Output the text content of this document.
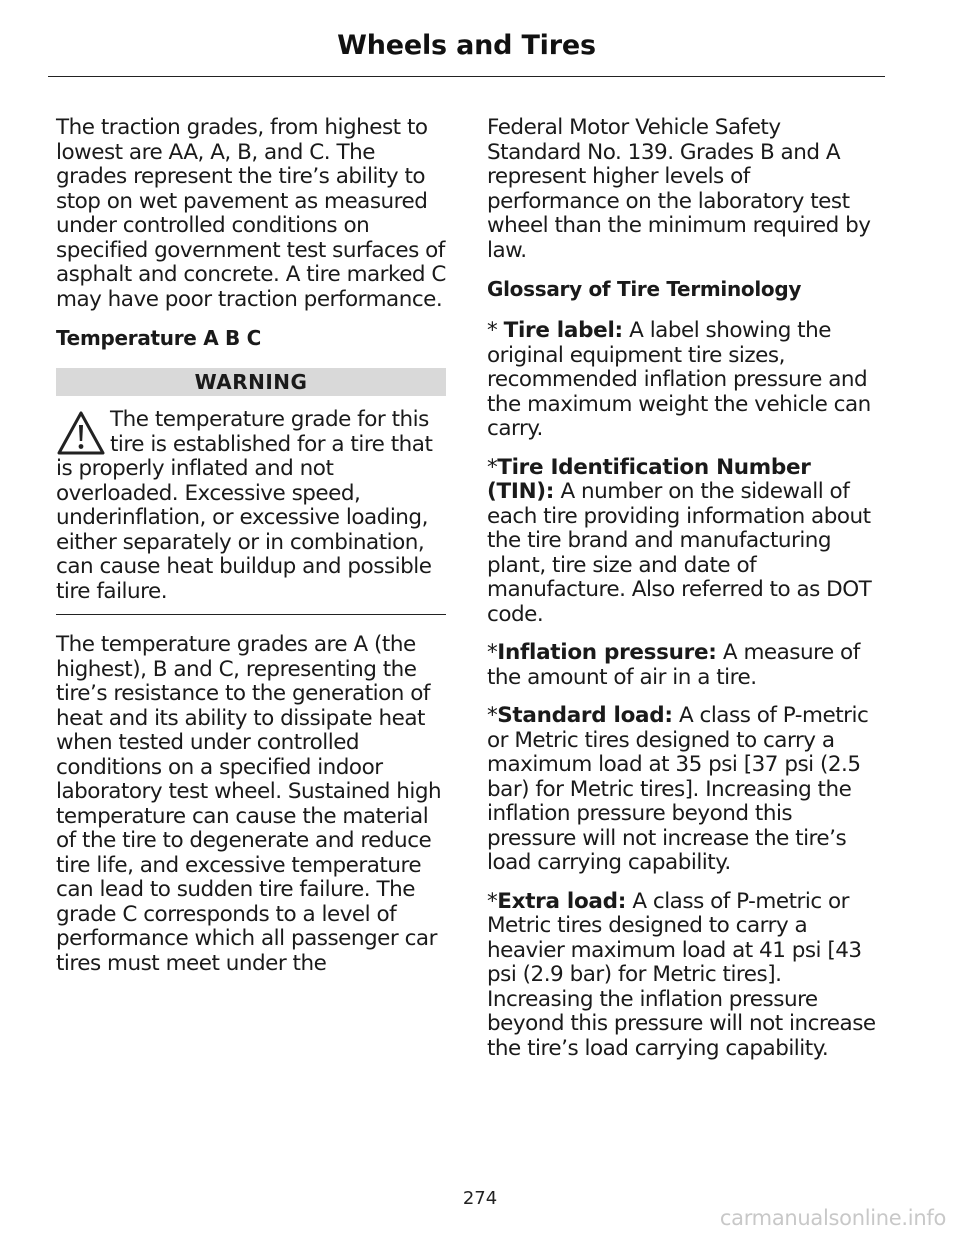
Wheels and Tires

The traction grades, from highest to lowest are AA, A, B, and C. The grades represent the tire’s ability to stop on wet pavement as measured under controlled conditions on specified government test surfaces of asphalt and concrete. A tire marked C may have poor traction performance.

Temperature A B C
WARNING
The temperature grade for this tire is established for a tire that is properly inflated and not overloaded. Excessive speed, underinflation, or excessive loading, either separately or in combination, can cause heat buildup and possible tire failure.

The temperature grades are A (the highest), B and C, representing the tire’s resistance to the generation of heat and its ability to dissipate heat when tested under controlled conditions on a specified indoor laboratory test wheel. Sustained high temperature can cause the material of the tire to degenerate and reduce tire life, and excessive temperature can lead to sudden tire failure. The grade C corresponds to a level of performance which all passenger car tires must meet under the

Federal Motor Vehicle Safety Standard No. 139. Grades B and A represent higher levels of performance on the laboratory test wheel than the minimum required by law.

Glossary of Tire Terminology

* Tire label: A label showing the original equipment tire sizes, recommended inflation pressure and the maximum weight the vehicle can carry.

*Tire Identification Number (TIN): A number on the sidewall of each tire providing information about the tire brand and manufacturing plant, tire size and date of manufacture. Also referred to as DOT code.

*Inflation pressure: A measure of the amount of air in a tire.

*Standard load: A class of P-metric or Metric tires designed to carry a maximum load at 35 psi [37 psi (2.5 bar) for Metric tires]. Increasing the inflation pressure beyond this pressure will not increase the tire’s load carrying capability.

*Extra load: A class of P-metric or Metric tires designed to carry a heavier maximum load at 41 psi [43 psi (2.9 bar) for Metric tires]. Increasing the inflation pressure beyond this pressure will not increase the tire’s load carrying capability.

274
carmanualsonline.info
